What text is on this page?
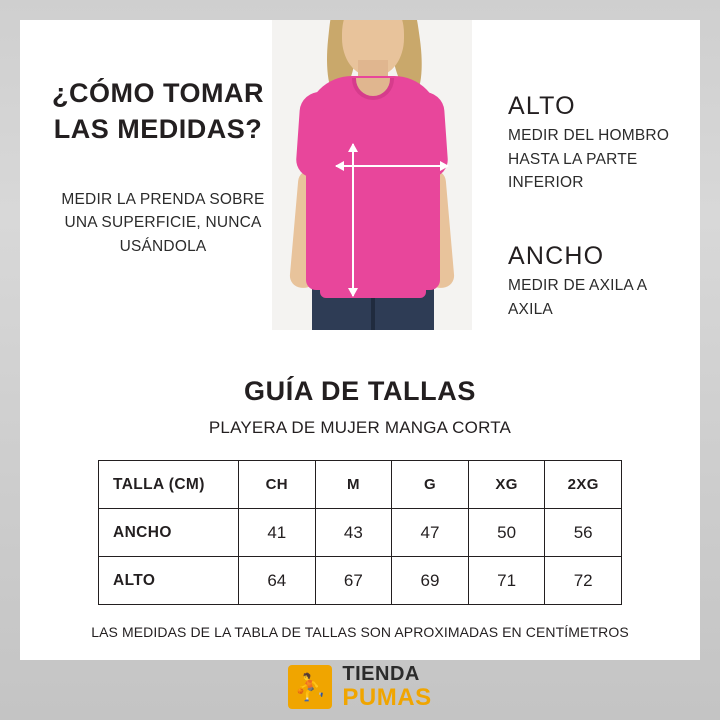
¿CÓMO TOMAR LAS MEDIDAS?
MEDIR LA PRENDA SOBRE UNA SUPERFICIE, NUNCA USÁNDOLA
ALTO
MEDIR DEL HOMBRO HASTA LA PARTE INFERIOR
ANCHO
MEDIR DE AXILA A AXILA
GUÍA DE TALLAS
PLAYERA DE MUJER MANGA CORTA
TALLA (CM)	CH	M	G	XG	2XG
ANCHO	41	43	47	50	56
ALTO	64	67	69	71	72
LAS MEDIDAS DE LA TABLA DE TALLAS SON APROXIMADAS EN CENTÍMETROS
⛹ TIENDA
PUMAS
